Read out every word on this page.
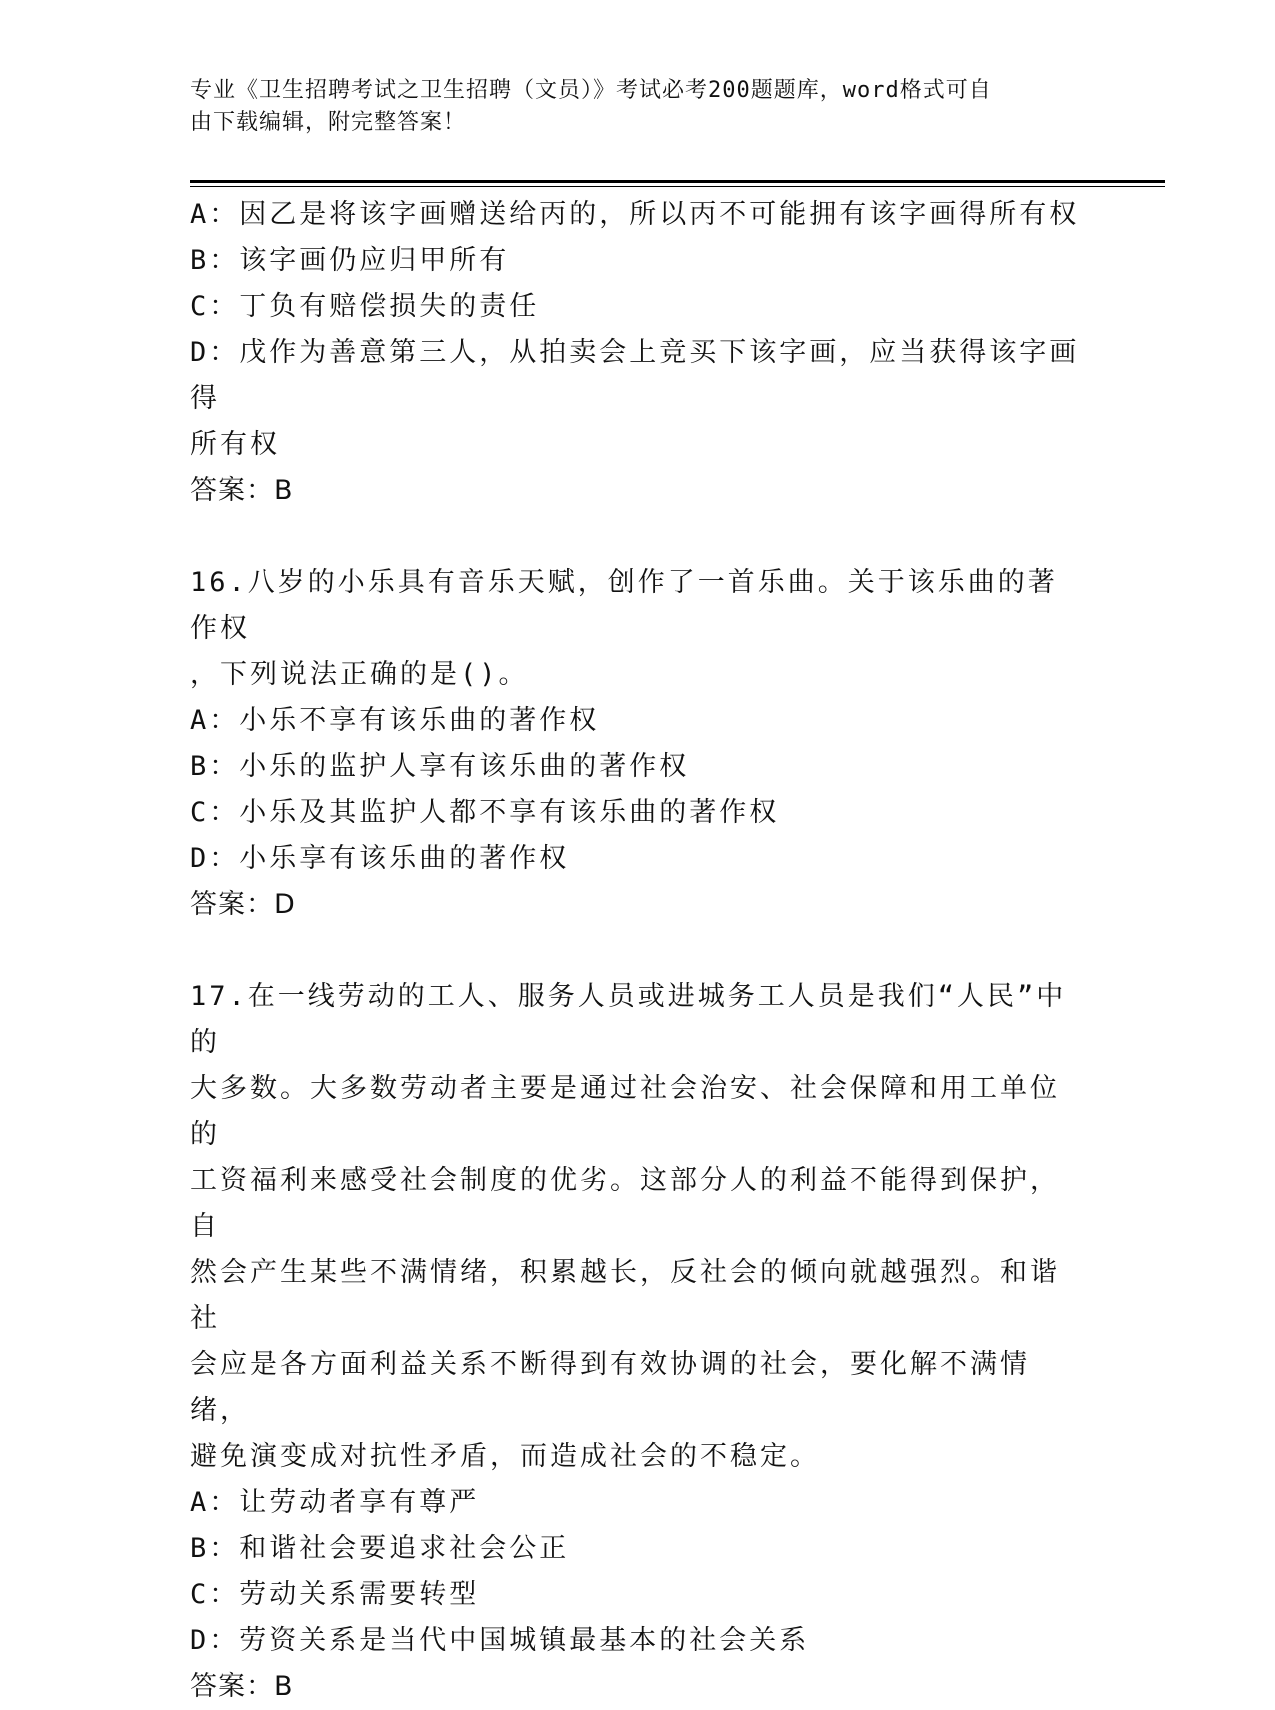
专业《卫生招聘考试之卫生招聘（文员）》考试必考200题题库，word格式可自
由下载编辑，附完整答案！
A：因乙是将该字画赠送给丙的，所以丙不可能拥有该字画得所有权
B：该字画仍应归甲所有
C：丁负有赔偿损失的责任
D：戊作为善意第三人，从拍卖会上竞买下该字画，应当获得该字画得
所有权
答案：B
16.八岁的小乐具有音乐天赋，创作了一首乐曲。关于该乐曲的著作权
，下列说法正确的是()。
A：小乐不享有该乐曲的著作权
B：小乐的监护人享有该乐曲的著作权
C：小乐及其监护人都不享有该乐曲的著作权
D：小乐享有该乐曲的著作权
答案：D
17.在一线劳动的工人、服务人员或进城务工人员是我们“人民”中的
大多数。大多数劳动者主要是通过社会治安、社会保障和用工单位的
工资福利来感受社会制度的优劣。这部分人的利益不能得到保护，自
然会产生某些不满情绪，积累越长，反社会的倾向就越强烈。和谐社
会应是各方面利益关系不断得到有效协调的社会，要化解不满情绪，
避免演变成对抗性矛盾，而造成社会的不稳定。
A：让劳动者享有尊严
B：和谐社会要追求社会公正
C：劳动关系需要转型
D：劳资关系是当代中国城镇最基本的社会关系
答案：B
